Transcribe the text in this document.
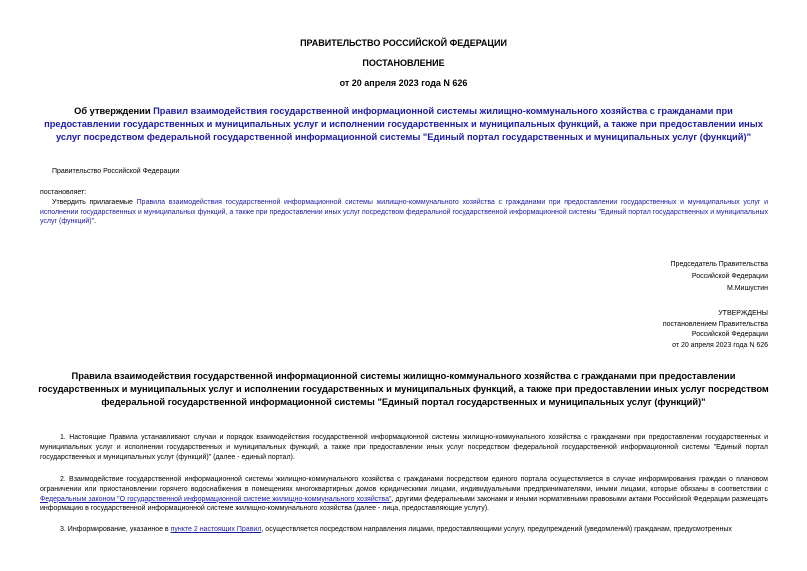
ПРАВИТЕЛЬСТВО РОССИЙСКОЙ ФЕДЕРАЦИИ
ПОСТАНОВЛЕНИЕ
от 20 апреля 2023 года N 626
Об утверждении Правил взаимодействия государственной информационной системы жилищно-коммунального хозяйства с гражданами при предоставлении государственных и муниципальных услуг и исполнении государственных и муниципальных функций, а также при предоставлении иных услуг посредством федеральной государственной информационной системы "Единый портал государственных и муниципальных услуг (функций)"
Правительство Российской Федерации
постановляет:
Утвердить прилагаемые Правила взаимодействия государственной информационной системы жилищно-коммунального хозяйства с гражданами при предоставлении государственных и муниципальных услуг и исполнении государственных и муниципальных функций, а также при предоставлении иных услуг посредством федеральной государственной информационной системы "Единый портал государственных и муниципальных услуг (функций)".
Председатель Правительства
Российской Федерации
М.Мишустин
УТВЕРЖДЕНЫ
постановлением Правительства
Российской Федерации
от 20 апреля 2023 года N 626
Правила взаимодействия государственной информационной системы жилищно-коммунального хозяйства с гражданами при предоставлении государственных и муниципальных услуг и исполнении государственных и муниципальных функций, а также при предоставлении иных услуг посредством федеральной государственной информационной системы "Единый портал государственных и муниципальных услуг (функций)"
1. Настоящие Правила устанавливают случаи и порядок взаимодействия государственной информационной системы жилищно-коммунального хозяйства с гражданами при предоставлении государственных и муниципальных услуг и исполнении государственных и муниципальных функций, а также при предоставлении иных услуг посредством федеральной государственной информационной системы "Единый портал государственных и муниципальных услуг (функций)" (далее - единый портал).
2. Взаимодействие государственной информационной системы жилищно-коммунального хозяйства с гражданами посредством единого портала осуществляется в случае информирования граждан о плановом ограничении или приостановлении горячего водоснабжения в помещениях многоквартирных домов юридическими лицами, индивидуальными предпринимателями, иными лицами, которые обязаны в соответствии с Федеральным законом "О государственной информационной системе жилищно-коммунального хозяйства", другими федеральными законами и иными нормативными правовыми актами Российской Федерации размещать информацию в государственной информационной системе жилищно-коммунального хозяйства (далее - лица, предоставляющие услугу).
3. Информирование, указанное в пункте 2 настоящих Правил, осуществляется посредством направления лицами, предоставляющими услугу, предупреждений (уведомлений) гражданам, предусмотренных
